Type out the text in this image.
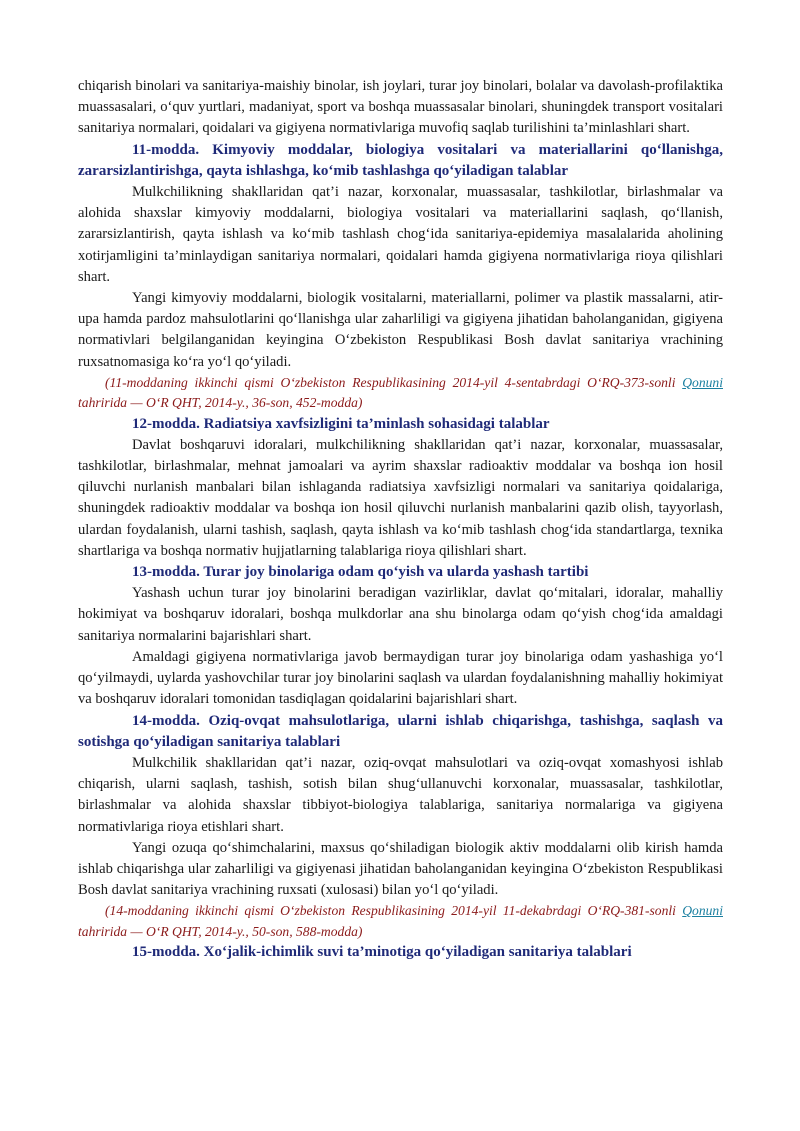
chiqarish binolari va sanitariya-maishiy binolar, ish joylari, turar joy binolari, bolalar va davolash-profilaktika muassasalari, o‘quv yurtlari, madaniyat, sport va boshqa muassasalar binolari, shuningdek transport vositalari sanitariya normalari, qoidalari va gigiyena normativlariga muvofiq saqlab turilishini ta’minlashlari shart.

11-modda. Kimyoviy moddalar, biologiya vositalari va materiallarini qo‘llanishga, zararsizlantirishga, qayta ishlashga, ko‘mib tashlashga qo‘yiladigan talablar

Mulkchilikning shakllaridan qat’i nazar, korxonalar, muassasalar, tashkilotlar, birlashmalar va alohida shaxslar kimyoviy moddalarni, biologiya vositalari va materiallarini saqlash, qo‘llanish, zararsizlantirish, qayta ishlash va ko‘mib tashlash chog‘ida sanitariya-epidemiya masalalarida aholining xotirjamligini ta’minlaydigan sanitariya normalari, qoidalari hamda gigiyena normativlariga rioya qilishlari shart.

Yangi kimyoviy moddalarni, biologik vositalarni, materiallarni, polimer va plastik massalarni, atir-upa hamda pardoz mahsulotlarini qo‘llanishga ular zaharliligi va gigiyena jihatidan baholanganidan, gigiyena normativlari belgilanganidan keyingina O‘zbekiston Respublikasi Bosh davlat sanitariya vrachining ruxsatnomasiga ko‘ra yo‘l qo‘yiladi.

(11-moddaning ikkinchi qismi O‘zbekiston Respublikasining 2014-yil 4-sentabrdagi O‘RQ-373-sonli Qonuni tahririda — O‘R QHT, 2014-y., 36-son, 452-modda)

12-modda. Radiatsiya xavfsizligini ta’minlash sohasidagi talablar

Davlat boshqaruvi idoralari, mulkchilikning shakllaridan qat’i nazar, korxonalar, muassasalar, tashkilotlar, birlashmalar, mehnat jamoalari va ayrim shaxslar radioaktiv moddalar va boshqa ion hosil qiluvchi nurlanish manbalari bilan ishlaganda radiatsiya xavfsizligi normalari va sanitariya qoidalariga, shuningdek radioaktiv moddalar va boshqa ion hosil qiluvchi nurlanish manbalarini qazib olish, tayyorlash, ulardan foydalanish, ularni tashish, saqlash, qayta ishlash va ko‘mib tashlash chog‘ida standartlarga, texnika shartlariga va boshqa normativ hujjatlarning talablariga rioya qilishlari shart.

13-modda. Turar joy binolariga odam qo‘yish va ularda yashash tartibi

Yashash uchun turar joy binolarini beradigan vazirliklar, davlat qo‘mitalari, idoralar, mahalliy hokimiyat va boshqaruv idoralari, boshqa mulkdorlar ana shu binolarga odam qo‘yish chog‘ida amaldagi sanitariya normalarini bajarishlari shart.

Amaldagi gigiyena normativlariga javob bermaydigan turar joy binolariga odam yashashiga yo‘l qo‘yilmaydi, uylarda yashovchilar turar joy binolarini saqlash va ulardan foydalanishning mahalliy hokimiyat va boshqaruv idoralari tomonidan tasdiqlagan qoidalarini bajarishlari shart.

14-modda. Oziq-ovqat mahsulotlariga, ularni ishlab chiqarishga, tashishga, saqlash va sotishga qo‘yiladigan sanitariya talablari

Mulkchilik shakllaridan qat’i nazar, oziq-ovqat mahsulotlari va oziq-ovqat xomashyosi ishlab chiqarish, ularni saqlash, tashish, sotish bilan shug‘ullanuvchi korxonalar, muassasalar, tashkilotlar, birlashmalar va alohida shaxslar tibbiyot-biologiya talablariga, sanitariya normalariga va gigiyena normativlariga rioya etishlari shart.

Yangi ozuqa qo‘shimchalarini, maxsus qo‘shiladigan biologik aktiv moddalarni olib kirish hamda ishlab chiqarishga ular zaharliligi va gigiyenasi jihatidan baholanganidan keyingina O‘zbekiston Respublikasi Bosh davlat sanitariya vrachining ruxsati (xulosasi) bilan yo‘l qo‘yiladi.

(14-moddaning ikkinchi qismi O‘zbekiston Respublikasining 2014-yil 11-dekabrdagi O‘RQ-381-sonli Qonuni tahririda — O‘R QHT, 2014-y., 50-son, 588-modda)

15-modda. Xo‘jalik-ichimlik suvi ta’minotiga qo‘yiladigan sanitariya talablari
